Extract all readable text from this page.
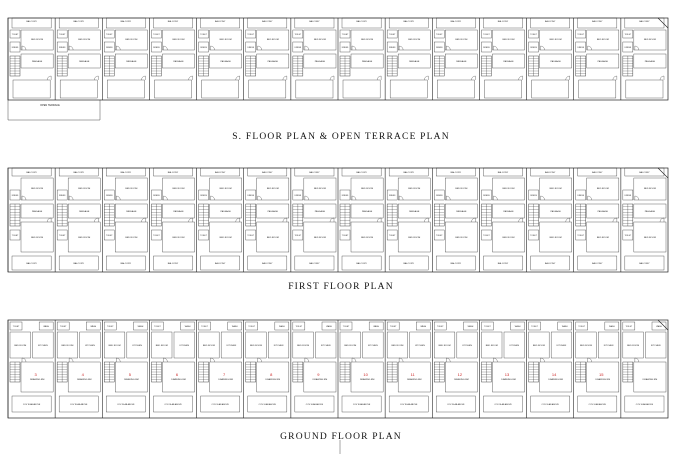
OPEN TERRACE
BALCONY
TOILET
BED ROOM
DRESS
PASSAGE
BALCONY
TOILET
BED ROOM
DRESS
PASSAGE
BALCONY
TOILET
BED ROOM
DRESS
PASSAGE
BALCONY
TOILET
BED ROOM
DRESS
PASSAGE
BALCONY
TOILET
BED ROOM
DRESS
PASSAGE
BALCONY
TOILET
BED ROOM
DRESS
PASSAGE
BALCONY
TOILET
BED ROOM
DRESS
PASSAGE
BALCONY
TOILET
BED ROOM
DRESS
PASSAGE
BALCONY
TOILET
BED ROOM
DRESS
PASSAGE
BALCONY
TOILET
BED ROOM
DRESS
PASSAGE
BALCONY
TOILET
BED ROOM
DRESS
PASSAGE
BALCONY
TOILET
BED ROOM
DRESS
PASSAGE
BALCONY
TOILET
BED ROOM
DRESS
PASSAGE
BALCONY
TOILET
BED ROOM
DRESS
PASSAGE
BALCONY
BED ROOM
DRESS
PASSAGE
TOILET
BED ROOM
BALCONY
BALCONY
BED ROOM
DRESS
PASSAGE
TOILET
BED ROOM
BALCONY
BALCONY
BED ROOM
DRESS
PASSAGE
TOILET
BED ROOM
BALCONY
BALCONY
BED ROOM
DRESS
PASSAGE
TOILET
BED ROOM
BALCONY
BALCONY
BED ROOM
DRESS
PASSAGE
TOILET
BED ROOM
BALCONY
BALCONY
BED ROOM
DRESS
PASSAGE
TOILET
BED ROOM
BALCONY
BALCONY
BED ROOM
DRESS
PASSAGE
TOILET
BED ROOM
BALCONY
BALCONY
BED ROOM
DRESS
PASSAGE
TOILET
BED ROOM
BALCONY
BALCONY
BED ROOM
DRESS
PASSAGE
TOILET
BED ROOM
BALCONY
BALCONY
BED ROOM
DRESS
PASSAGE
TOILET
BED ROOM
BALCONY
BALCONY
BED ROOM
DRESS
PASSAGE
TOILET
BED ROOM
BALCONY
BALCONY
BED ROOM
DRESS
PASSAGE
TOILET
BED ROOM
BALCONY
BALCONY
BED ROOM
DRESS
PASSAGE
TOILET
BED ROOM
BALCONY
BALCONY
BED ROOM
DRESS
PASSAGE
TOILET
BED ROOM
BALCONY
TOILET	WASH
BED ROOM	KITCHEN
DRAWING RM
COV SLAB ABOVE
3
TOILET	WASH
BED ROOM	KITCHEN
DRAWING RM
COV SLAB ABOVE
4
TOILET	WASH
BED ROOM	KITCHEN
DRAWING RM
COV SLAB ABOVE
5
TOILET	WASH
BED ROOM	KITCHEN
DRAWING RM
COV SLAB ABOVE
6
TOILET	WASH
BED ROOM	KITCHEN
DRAWING RM
COV SLAB ABOVE
7
TOILET	WASH
BED ROOM	KITCHEN
DRAWING RM
COV SLAB ABOVE
8
TOILET	WASH
BED ROOM	KITCHEN
DRAWING RM
COV SLAB ABOVE
9
TOILET	WASH
BED ROOM	KITCHEN
DRAWING RM
COV SLAB ABOVE
10
TOILET	WASH
BED ROOM	KITCHEN
DRAWING RM
COV SLAB ABOVE
11
TOILET	WASH
BED ROOM	KITCHEN
DRAWING RM
COV SLAB ABOVE
12
TOILET	WASH
BED ROOM	KITCHEN
DRAWING RM
COV SLAB ABOVE
13
TOILET	WASH
BED ROOM	KITCHEN
DRAWING RM
COV SLAB ABOVE
14
TOILET	WASH
BED ROOM	KITCHEN
DRAWING RM
COV SLAB ABOVE
15
TOILET	WASH
BED ROOM	KITCHEN
DRAWING RM
COV SLAB ABOVE
S. FLOOR PLAN & OPEN TERRACE PLAN
FIRST FLOOR PLAN
GROUND FLOOR PLAN
